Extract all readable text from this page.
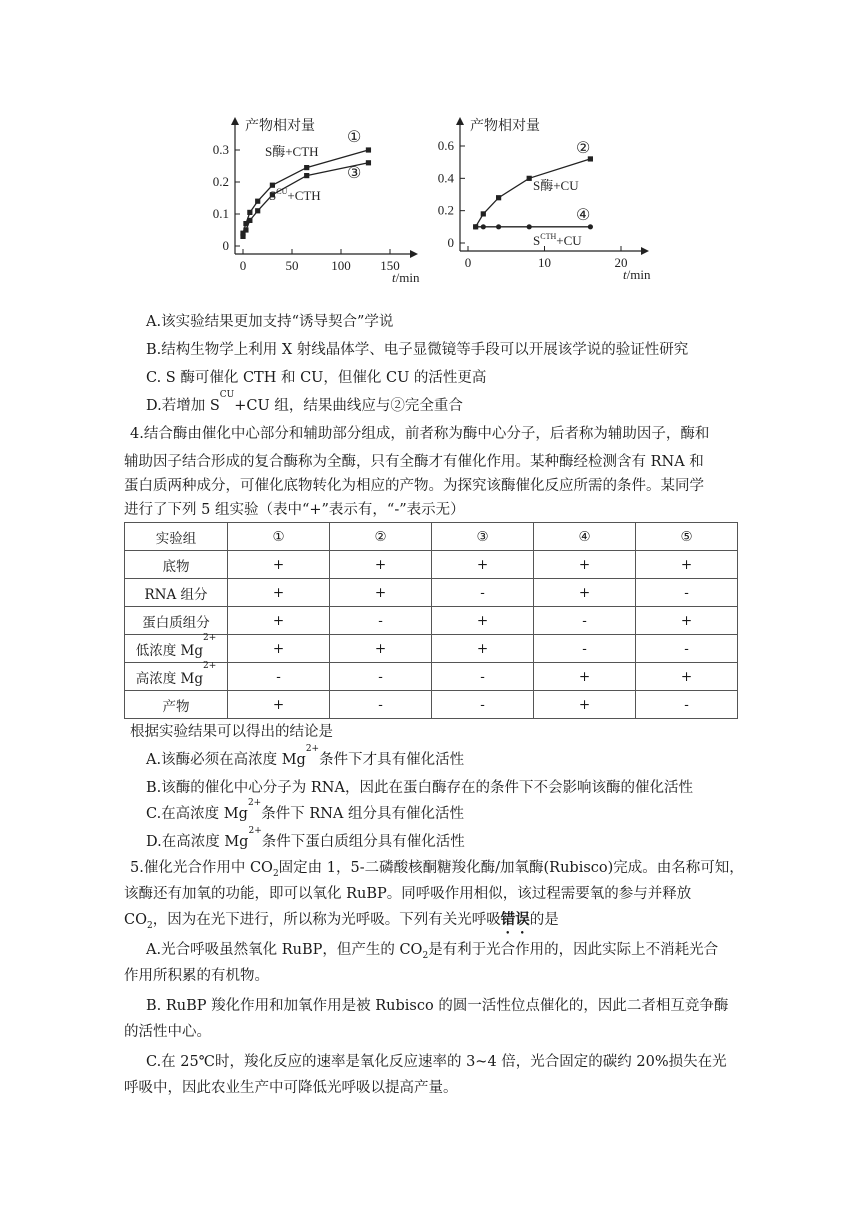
产物相对量
t/min
0	50	100 150
0
0.1
0.2
0.3	S酶+CTH
①
$S^{CU}+CTH$
③
产物相对量
t/min
0	10	20
0
0.2
0.4
0.6
S酶+CU
②
$S^{CTH}+CU$
④
A.该实验结果更加支持“诱导契合”学说
B.结构生物学上利用 X 射线晶体学、电子显微镜等手段可以开展该学说的验证性研究
C. S 酶可催化 CTH 和 CU，但催化 CU 的活性更高
D.若增加 $S^{CU}+CU$ 组，结果曲线应与②完全重合
4.结合酶由催化中心部分和辅助部分组成，前者称为酶中心分子，后者称为辅助因子，酶和
辅助因子结合形成的复合酶称为全酶，只有全酶才有催化作用。某种酶经检测含有 RNA 和
蛋白质两种成分，可催化底物转化为相应的产物。为探究该酶催化反应所需的条件。某同学
进行了下列 5 组实验（表中“+”表示有，“-”表示无）
实验组	①	②	③	④	⑤
底物	+	+	+	+	+
RNA 组分	+	+	-	+	-
蛋白质组分	+	-	+	-	+
低浓度 $Mg^{2+}$	+	+	+	-	-
高浓度 $Mg^{2+}$	-	-	-	+	+
产物	+	-	-	+	-
根据实验结果可以得出的结论是
A.该酶必须在高浓度 $Mg^{2+}$条件下才具有催化活性
B.该酶的催化中心分子为 RNA，因此在蛋白酶存在的条件下不会影响该酶的催化活性
C.在高浓度 $Mg^{2+}$条件下 RNA 组分具有催化活性
D.在高浓度 $Mg^{2+}$条件下蛋白质组分具有催化活性
5.催化光合作用中 $CO_2$固定由 1，5-二磷酸核酮糖羧化酶/加氧酶(Rubisco)完成。由名称可知，
该酶还有加氧的功能，即可以氧化 RuBP。同呼吸作用相似，该过程需要氧的参与并释放
$CO_2$，因为在光下进行，所以称为光呼吸。下列有关光呼吸错误的是
A.光合呼吸虽然氧化 RuBP，但产生的 $CO_2$是有利于光合作用的，因此实际上不消耗光合
作用所积累的有机物。
B. RuBP 羧化作用和加氧作用是被 Rubisco 的圆一活性位点催化的，因此二者相互竞争酶
的活性中心。
C.在 25℃时，羧化反应的速率是氧化反应速率的 3~4 倍，光合固定的碳约 20%损失在光
呼吸中，因此农业生产中可降低光呼吸以提高产量。
